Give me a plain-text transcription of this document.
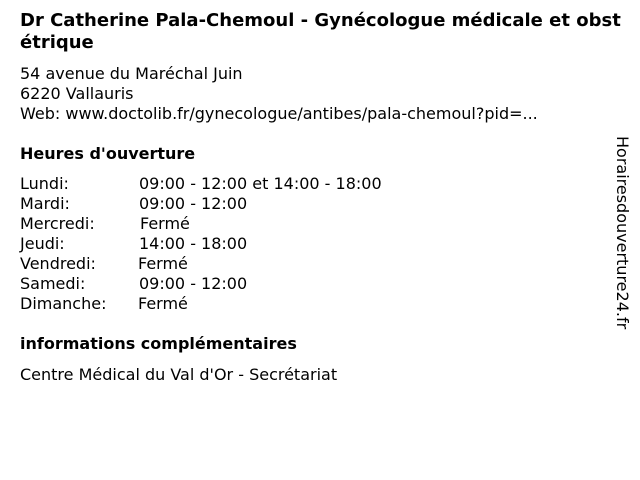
Dr Catherine Pala-Chemoul - Gynécologue médicale et obstétrique
54 avenue du Maréchal Juin
6220 Vallauris
Web: www.doctolib.fr/gynecologue/antibes/pala-chemoul?pid=...
Heures d'ouverture
Lundi:	09:00 - 12:00 et 14:00 - 18:00
Mardi:	09:00 - 12:00
Mercredi:	Fermé
Jeudi:	14:00 - 18:00
Vendredi:	Fermé
Samedi:	09:00 - 12:00
Dimanche: Fermé
informations complémentaires
Centre Médical du Val d'Or - Secrétariat
Horairesdouverture24.fr
